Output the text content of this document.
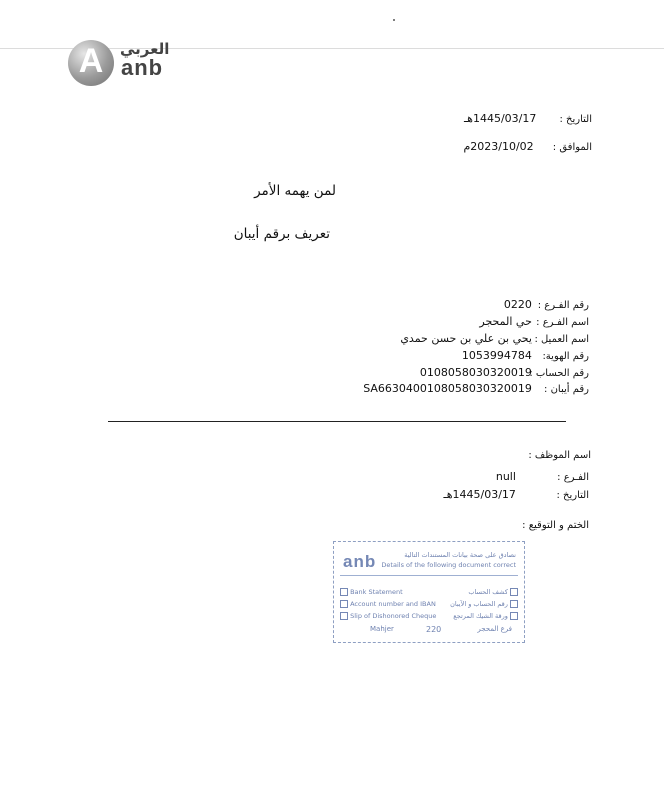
A	العربي
anb
التاريخ : 1445/03/17هـ
الموافق : 2023/10/02م
لمن يهمه الأمر
تعريف برقم أيبان
رقم الفـرع : 0220
اسم الفـرع : حي المحجر
اسم العميل : يحي بن علي بن حسن حمدي
رقم الهوية: 1053994784
رقم الحساب : 0108058030320019
رقم أيبان : SA6630400108058030320019
اسم الموظف :
الفـرع : null
التاريخ : 1445/03/17هـ
الختم و التوقيع :
anb	نصادق على صحة بيانات المستندات التالية
Details of the following document correct
Bank Statement	كشف الحساب
Account number and IBAN رقم الحساب و الآيبان
Slip of Dishonored Cheque	ورقة الشيك المرتجع
Mahjer	220	فرع المحجر
